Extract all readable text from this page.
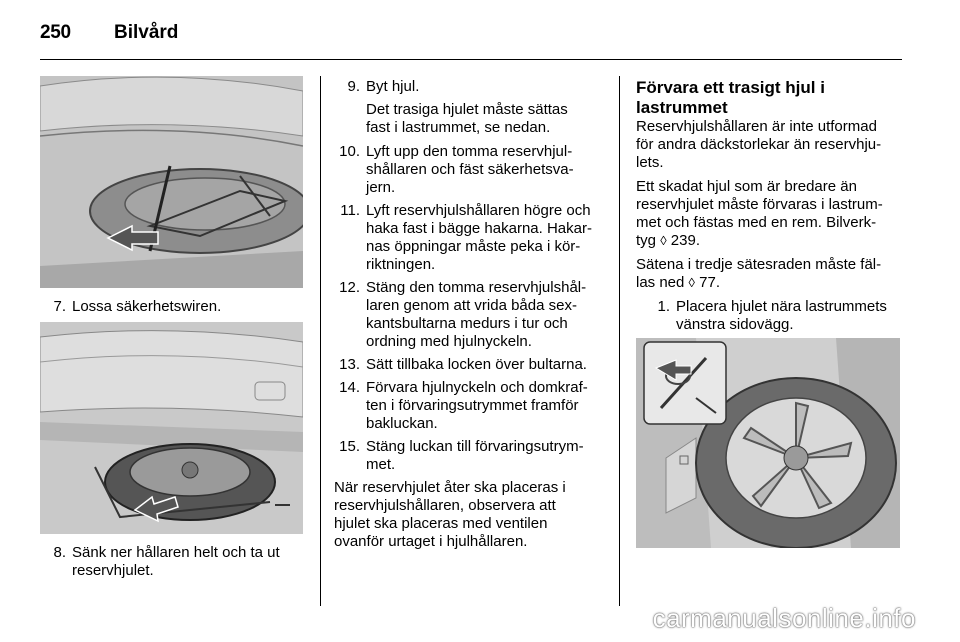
250 Bilvård
7. Lossa säkerhetswiren.
8. Sänk ner hållaren helt och ta ut
reservhjulet.
9. Byt hjul.
Det trasiga hjulet måste sättas
fast i lastrummet, se nedan.
10. Lyft upp den tomma reservhjul-
shållaren och fäst säkerhetsva-
jern.
11. Lyft reservhjulshållaren högre och
haka fast i bägge hakarna. Hakar-
nas öppningar måste peka i kör-
riktningen.
12. Stäng den tomma reservhjulshål-
laren genom att vrida båda sex-
kantsbultarna medurs i tur och
ordning med hjulnyckeln.
13. Sätt tillbaka locken över bultarna.
14. Förvara hjulnyckeln och domkraf-
ten i förvaringsutrymmet framför
bakluckan.
15. Stäng luckan till förvaringsutrym-
met.
När reservhjulet åter ska placeras i
reservhjulshållaren, observera att
hjulet ska placeras med ventilen
ovanför urtaget i hjulhållaren.
Förvara ett trasigt hjul i
lastrummet
Reservhjulshållaren är inte utformad
för andra däckstorlekar än reservhju-
lets.
Ett skadat hjul som är bredare än
reservhjulet måste förvaras i lastrum-
met och fästas med en rem. Bilverk-
tyg ◊ 239.
Sätena i tredje sätesraden måste fäl-
las ned ◊ 77.
1. Placera hjulet nära lastrummets
vänstra sidovägg.
carmanualsonline.info
